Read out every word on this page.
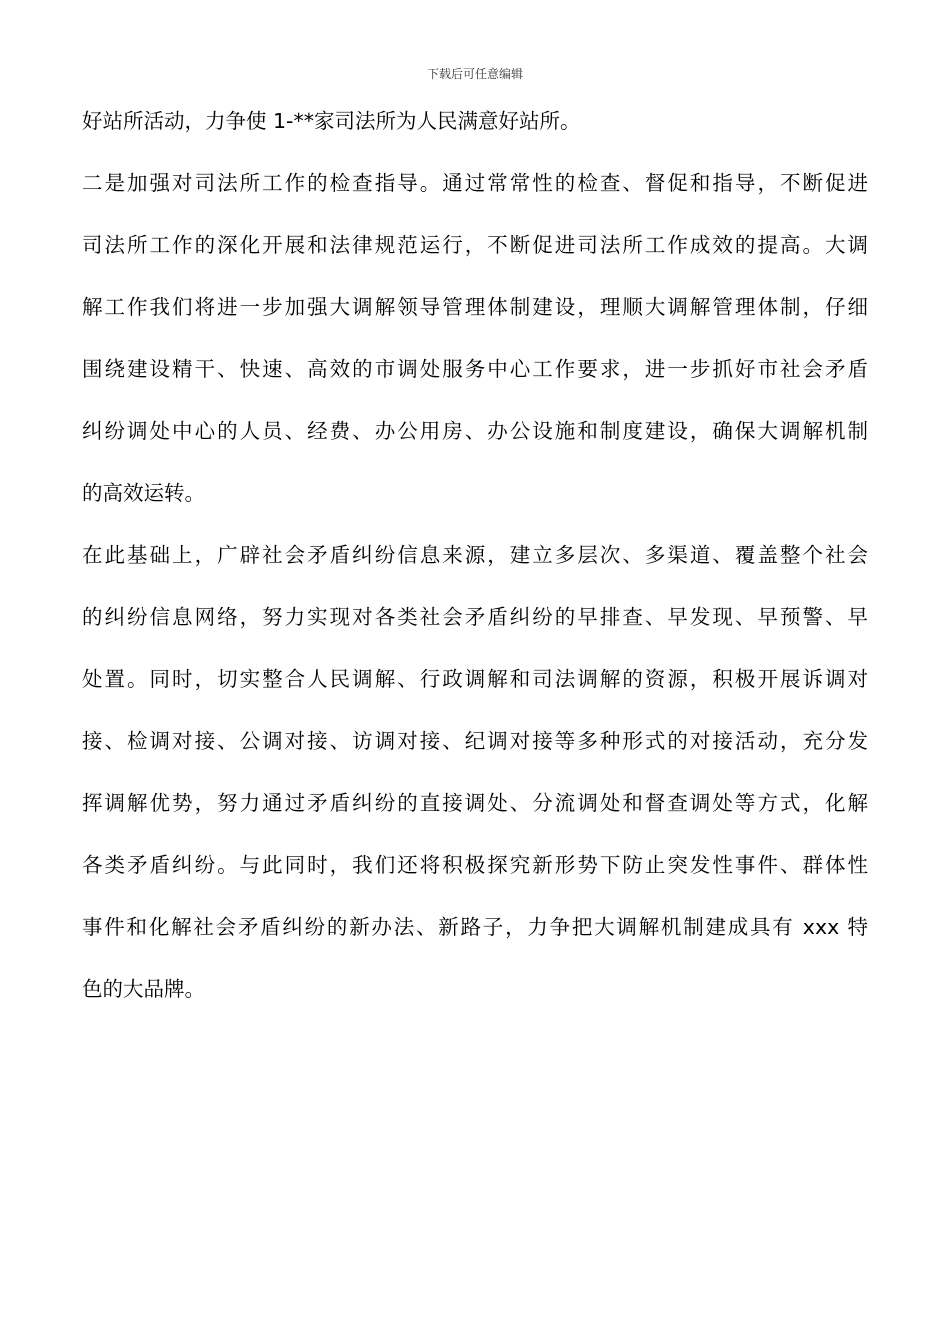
下载后可任意编辑
好站所活动，力争使 1-**家司法所为人民满意好站所。
二是加强对司法所工作的检查指导。通过常常性的检查、督促和指导，不断促进
司法所工作的深化开展和法律规范运行，不断促进司法所工作成效的提高。大调
解工作我们将进一步加强大调解领导管理体制建设，理顺大调解管理体制，仔细
围绕建设精干、快速、高效的市调处服务中心工作要求，进一步抓好市社会矛盾
纠纷调处中心的人员、经费、办公用房、办公设施和制度建设，确保大调解机制
的高效运转。
在此基础上，广辟社会矛盾纠纷信息来源，建立多层次、多渠道、覆盖整个社会
的纠纷信息网络，努力实现对各类社会矛盾纠纷的早排查、早发现、早预警、早
处置。同时，切实整合人民调解、行政调解和司法调解的资源，积极开展诉调对
接、检调对接、公调对接、访调对接、纪调对接等多种形式的对接活动，充分发
挥调解优势，努力通过矛盾纠纷的直接调处、分流调处和督查调处等方式，化解
各类矛盾纠纷。与此同时，我们还将积极探究新形势下防止突发性事件、群体性
事件和化解社会矛盾纠纷的新办法、新路子，力争把大调解机制建成具有 xxx 特
色的大品牌。
